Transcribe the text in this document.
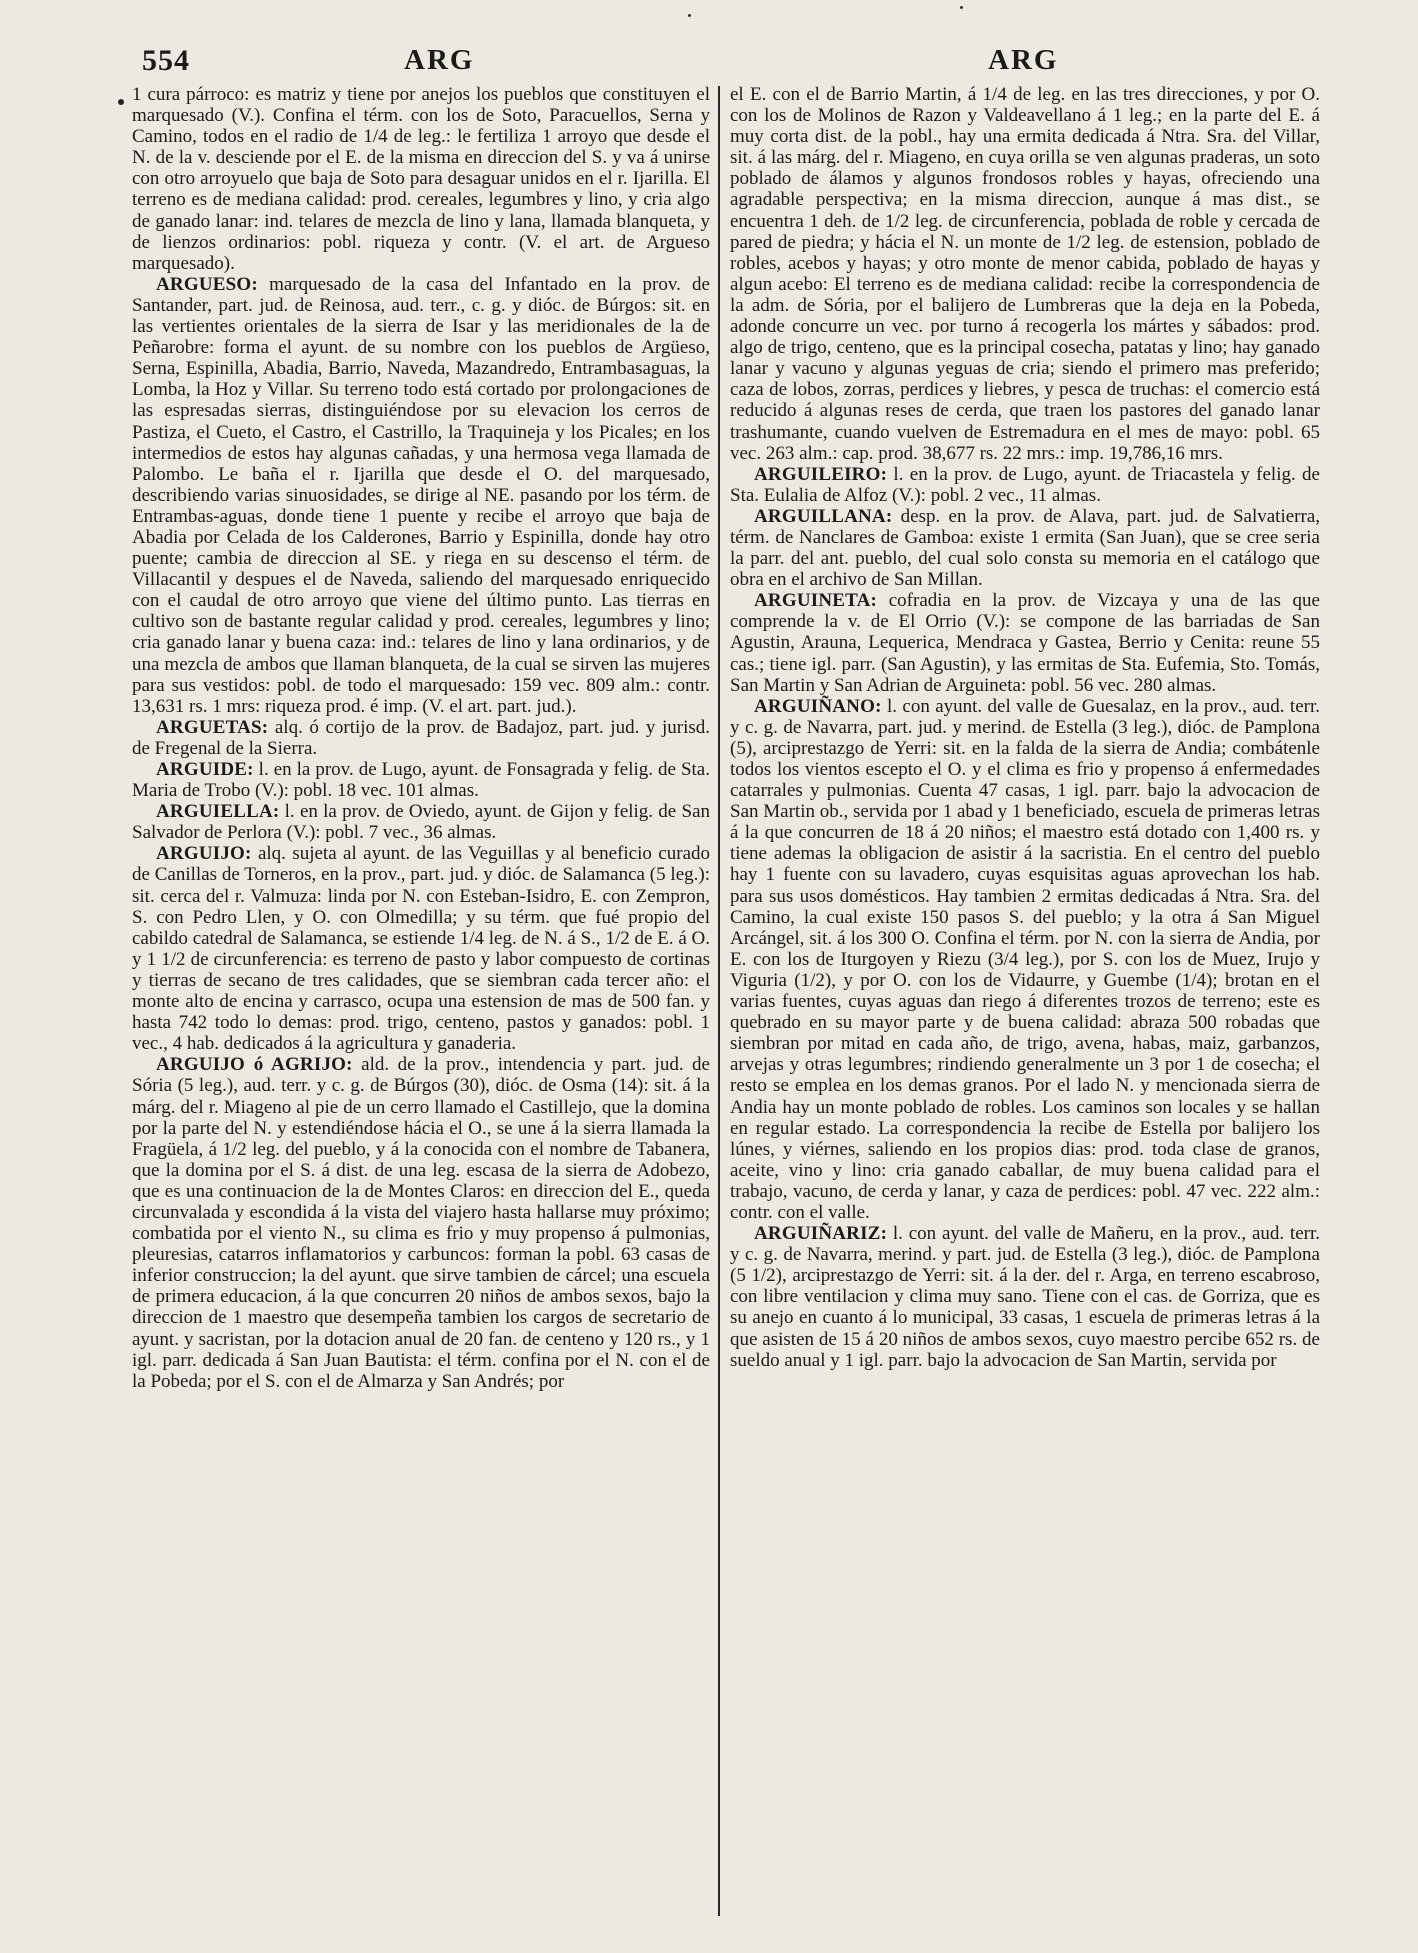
554	ARG	ARG

1 cura párroco: es matriz y tiene por anejos los pueblos que constituyen el marquesado (V.). Confina el térm. con los de Soto, Paracuellos, Serna y Camino, todos en el radio de 1/4 de leg.: le fertiliza 1 arroyo que desde el N. de la v. desciende por el E. de la misma en direccion del S. y va á unirse con otro arroyuelo que baja de Soto para desaguar unidos en el r. Ijarilla. El terreno es de mediana calidad: prod. cereales, legumbres y lino, y cria algo de ganado lanar: ind. telares de mezcla de lino y lana, llamada blanqueta, y de lienzos ordinarios: pobl. riqueza y contr. (V. el art. de Argueso marquesado).

ARGUESO: marquesado de la casa del Infantado en la prov. de Santander, part. jud. de Reinosa, aud. terr., c. g. y dióc. de Búrgos: sit. en las vertientes orientales de la sierra de Isar y las meridionales de la de Peñarobre: forma el ayunt. de su nombre con los pueblos de Argüeso, Serna, Espinilla, Abadia, Barrio, Naveda, Mazandredo, Entrambasaguas, la Lomba, la Hoz y Villar. Su terreno todo está cortado por prolongaciones de las espresadas sierras, distinguiéndose por su elevacion los cerros de Pastiza, el Cueto, el Castro, el Castrillo, la Traquineja y los Picales; en los intermedios de estos hay algunas cañadas, y una hermosa vega llamada de Palombo. Le baña el r. Ijarilla que desde el O. del marquesado, describiendo varias sinuosidades, se dirige al NE. pasando por los térm. de Entrambas-aguas, donde tiene 1 puente y recibe el arroyo que baja de Abadia por Celada de los Calderones, Barrio y Espinilla, donde hay otro puente; cambia de direccion al SE. y riega en su descenso el térm. de Villacantil y despues el de Naveda, saliendo del marquesado enriquecido con el caudal de otro arroyo que viene del último punto. Las tierras en cultivo son de bastante regular calidad y prod. cereales, legumbres y lino; cria ganado lanar y buena caza: ind.: telares de lino y lana ordinarios, y de una mezcla de ambos que llaman blanqueta, de la cual se sirven las mujeres para sus vestidos: pobl. de todo el marquesado: 159 vec. 809 alm.: contr. 13,631 rs. 1 mrs: riqueza prod. é imp. (V. el art. part. jud.).

ARGUETAS: alq. ó cortijo de la prov. de Badajoz, part. jud. y jurisd. de Fregenal de la Sierra.

ARGUIDE: l. en la prov. de Lugo, ayunt. de Fonsagrada y felig. de Sta. Maria de Trobo (V.): pobl. 18 vec. 101 almas.

ARGUIELLA: l. en la prov. de Oviedo, ayunt. de Gijon y felig. de San Salvador de Perlora (V.): pobl. 7 vec., 36 almas.

ARGUIJO: alq. sujeta al ayunt. de las Veguillas y al beneficio curado de Canillas de Torneros, en la prov., part. jud. y dióc. de Salamanca (5 leg.): sit. cerca del r. Valmuza: linda por N. con Esteban-Isidro, E. con Zempron, S. con Pedro Llen, y O. con Olmedilla; y su térm. que fué propio del cabildo catedral de Salamanca, se estiende 1/4 leg. de N. á S., 1/2 de E. á O. y 1 1/2 de circunferencia: es terreno de pasto y labor compuesto de cortinas y tierras de secano de tres calidades, que se siembran cada tercer año: el monte alto de encina y carrasco, ocupa una estension de mas de 500 fan. y hasta 742 todo lo demas: prod. trigo, centeno, pastos y ganados: pobl. 1 vec., 4 hab. dedicados á la agricultura y ganaderia.

ARGUIJO ó AGRIJO: ald. de la prov., intendencia y part. jud. de Sória (5 leg.), aud. terr. y c. g. de Búrgos (30), dióc. de Osma (14): sit. á la márg. del r. Miageno al pie de un cerro llamado el Castillejo, que la domina por la parte del N. y estendiéndose hácia el O., se une á la sierra llamada la Fragüela, á 1/2 leg. del pueblo, y á la conocida con el nombre de Tabanera, que la domina por el S. á dist. de una leg. escasa de la sierra de Adobezo, que es una continuacion de la de Montes Claros: en direccion del E., queda circunvalada y escondida á la vista del viajero hasta hallarse muy próximo; combatida por el viento N., su clima es frio y muy propenso á pulmonias, pleuresias, catarros inflamatorios y carbuncos: forman la pobl. 63 casas de inferior construccion; la del ayunt. que sirve tambien de cárcel; una escuela de primera educacion, á la que concurren 20 niños de ambos sexos, bajo la direccion de 1 maestro que desempeña tambien los cargos de secretario de ayunt. y sacristan, por la dotacion anual de 20 fan. de centeno y 120 rs., y 1 igl. parr. dedicada á San Juan Bautista: el térm. confina por el N. con el de la Pobeda; por el S. con el de Almarza y San Andrés; por

el E. con el de Barrio Martin, á 1/4 de leg. en las tres direcciones, y por O. con los de Molinos de Razon y Valdeavellano á 1 leg.; en la parte del E. á muy corta dist. de la pobl., hay una ermita dedicada á Ntra. Sra. del Villar, sit. á las márg. del r. Miageno, en cuya orilla se ven algunas praderas, un soto poblado de álamos y algunos frondosos robles y hayas, ofreciendo una agradable perspectiva; en la misma direccion, aunque á mas dist., se encuentra 1 deh. de 1/2 leg. de circunferencia, poblada de roble y cercada de pared de piedra; y hácia el N. un monte de 1/2 leg. de estension, poblado de robles, acebos y hayas; y otro monte de menor cabida, poblado de hayas y algun acebo: El terreno es de mediana calidad: recibe la correspondencia de la adm. de Sória, por el balijero de Lumbreras que la deja en la Pobeda, adonde concurre un vec. por turno á recogerla los mártes y sábados: prod. algo de trigo, centeno, que es la principal cosecha, patatas y lino; hay ganado lanar y vacuno y algunas yeguas de cria; siendo el primero mas preferido; caza de lobos, zorras, perdices y liebres, y pesca de truchas: el comercio está reducido á algunas reses de cerda, que traen los pastores del ganado lanar trashumante, cuando vuelven de Estremadura en el mes de mayo: pobl. 65 vec. 263 alm.: cap. prod. 38,677 rs. 22 mrs.: imp. 19,786,16 mrs.

ARGUILEIRO: l. en la prov. de Lugo, ayunt. de Triacastela y felig. de Sta. Eulalia de Alfoz (V.): pobl. 2 vec., 11 almas.

ARGUILLANA: desp. en la prov. de Alava, part. jud. de Salvatierra, térm. de Nanclares de Gamboa: existe 1 ermita (San Juan), que se cree seria la parr. del ant. pueblo, del cual solo consta su memoria en el catálogo que obra en el archivo de San Millan.

ARGUINETA: cofradia en la prov. de Vizcaya y una de las que comprende la v. de El Orrio (V.): se compone de las barriadas de San Agustin, Arauna, Lequerica, Mendraca y Gastea, Berrio y Cenita: reune 55 cas.; tiene igl. parr. (San Agustin), y las ermitas de Sta. Eufemia, Sto. Tomás, San Martin y San Adrian de Arguineta: pobl. 56 vec. 280 almas.

ARGUIÑANO: l. con ayunt. del valle de Guesalaz, en la prov., aud. terr. y c. g. de Navarra, part. jud. y merind. de Estella (3 leg.), dióc. de Pamplona (5), arciprestazgo de Yerri: sit. en la falda de la sierra de Andia; combátenle todos los vientos escepto el O. y el clima es frio y propenso á enfermedades catarrales y pulmonias. Cuenta 47 casas, 1 igl. parr. bajo la advocacion de San Martin ob., servida por 1 abad y 1 beneficiado, escuela de primeras letras á la que concurren de 18 á 20 niños; el maestro está dotado con 1,400 rs. y tiene ademas la obligacion de asistir á la sacristia. En el centro del pueblo hay 1 fuente con su lavadero, cuyas esquisitas aguas aprovechan los hab. para sus usos domésticos. Hay tambien 2 ermitas dedicadas á Ntra. Sra. del Camino, la cual existe 150 pasos S. del pueblo; y la otra á San Miguel Arcángel, sit. á los 300 O. Confina el térm. por N. con la sierra de Andia, por E. con los de Iturgoyen y Riezu (3/4 leg.), por S. con los de Muez, Irujo y Viguria (1/2), y por O. con los de Vidaurre, y Guembe (1/4); brotan en el varias fuentes, cuyas aguas dan riego á diferentes trozos de terreno; este es quebrado en su mayor parte y de buena calidad: abraza 500 robadas que siembran por mitad en cada año, de trigo, avena, habas, maiz, garbanzos, arvejas y otras legumbres; rindiendo generalmente un 3 por 1 de cosecha; el resto se emplea en los demas granos. Por el lado N. y mencionada sierra de Andia hay un monte poblado de robles. Los caminos son locales y se hallan en regular estado. La correspondencia la recibe de Estella por balijero los lúnes, y viérnes, saliendo en los propios dias: prod. toda clase de granos, aceite, vino y lino: cria ganado caballar, de muy buena calidad para el trabajo, vacuno, de cerda y lanar, y caza de perdices: pobl. 47 vec. 222 alm.: contr. con el valle.

ARGUIÑARIZ: l. con ayunt. del valle de Mañeru, en la prov., aud. terr. y c. g. de Navarra, merind. y part. jud. de Estella (3 leg.), dióc. de Pamplona (5 1/2), arciprestazgo de Yerri: sit. á la der. del r. Arga, en terreno escabroso, con libre ventilacion y clima muy sano. Tiene con el cas. de Gorriza, que es su anejo en cuanto á lo municipal, 33 casas, 1 escuela de primeras letras á la que asisten de 15 á 20 niños de ambos sexos, cuyo maestro percibe 652 rs. de sueldo anual y 1 igl. parr. bajo la advocacion de San Martin, servida por
